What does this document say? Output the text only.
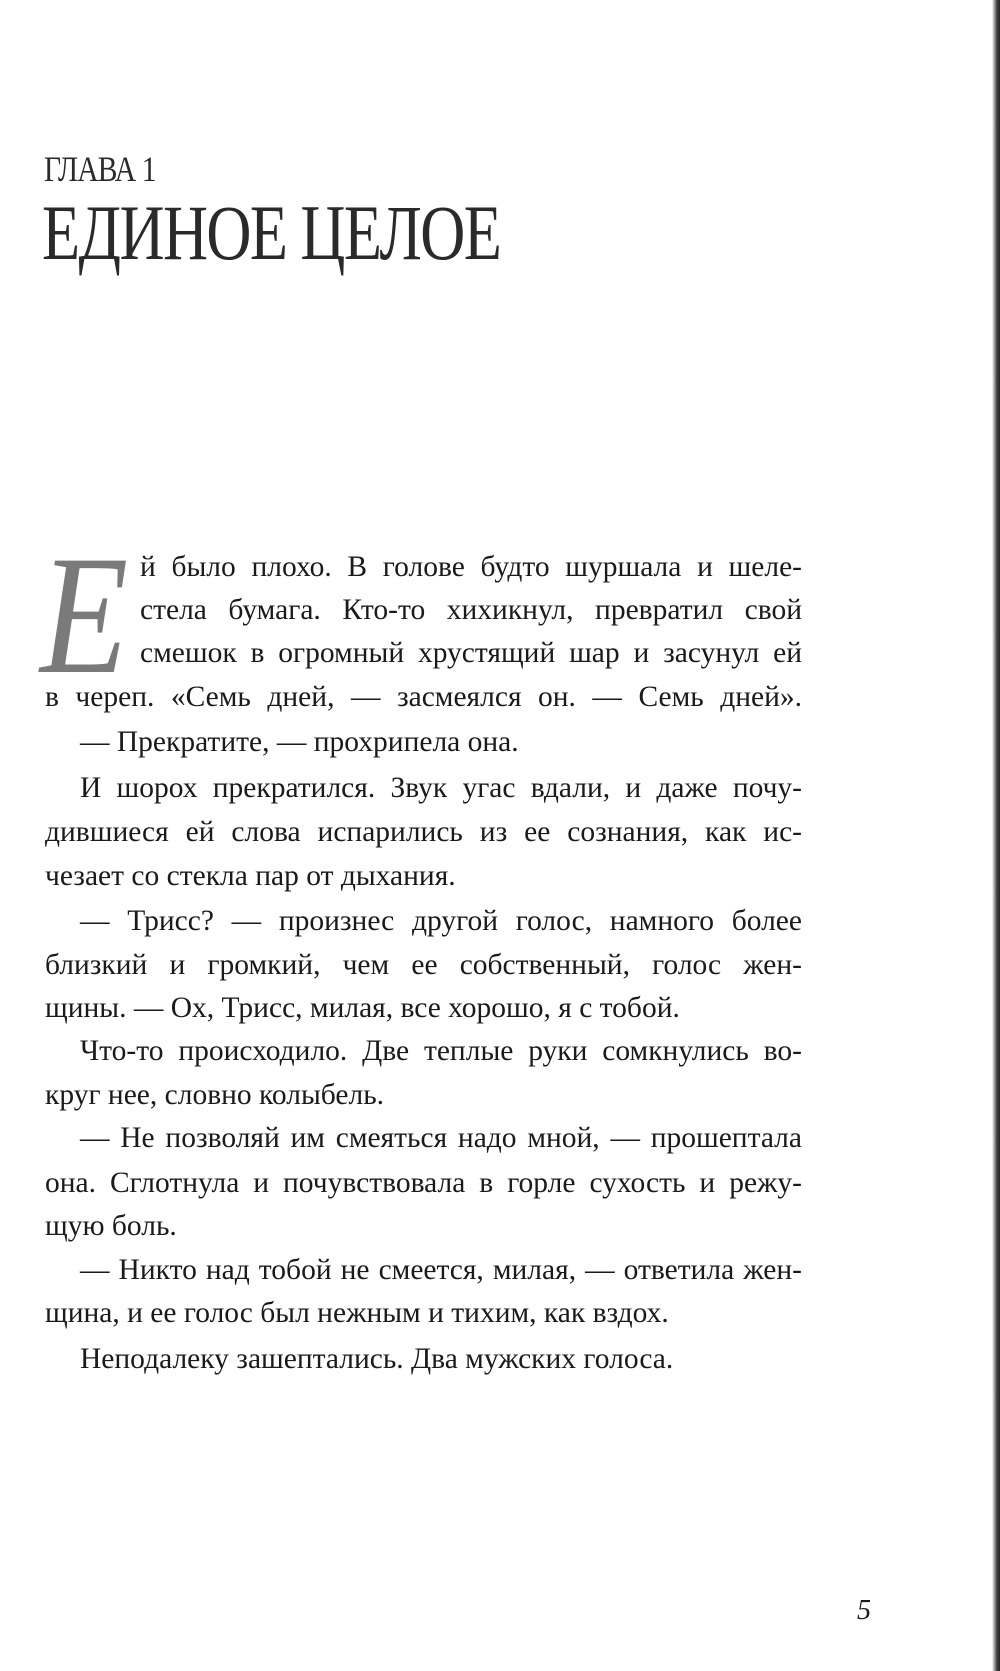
ГЛАВА 1
ЕДИНОЕ ЦЕЛОЕ
Е й было плохо. В голове будто шуршала и шеле-
стела бумага. Кто-то хихикнул, превратил свой
смешок в огромный хрустящий шар и засунул ей
в череп. «Семь дней, — засмеялся он. — Семь дней».
— Прекратите, — прохрипела она.
И шорох прекратился. Звук угас вдали, и даже почу-
дившиеся ей слова испарились из ее сознания, как ис-
чезает со стекла пар от дыхания.
— Трисс? — произнес другой голос, намного более
близкий и громкий, чем ее собственный, голос жен-
щины. — Ох, Трисс, милая, все хорошо, я с тобой.
Что-то происходило. Две теплые руки сомкнулись во-
круг нее, словно колыбель.
— Не позволяй им смеяться надо мной, — прошептала
она. Сглотнула и почувствовала в горле сухость и режу-
щую боль.
— Никто над тобой не смеется, милая, — ответила жен-
щина, и ее голос был нежным и тихим, как вздох.
Неподалеку зашептались. Два мужских голоса.
5
